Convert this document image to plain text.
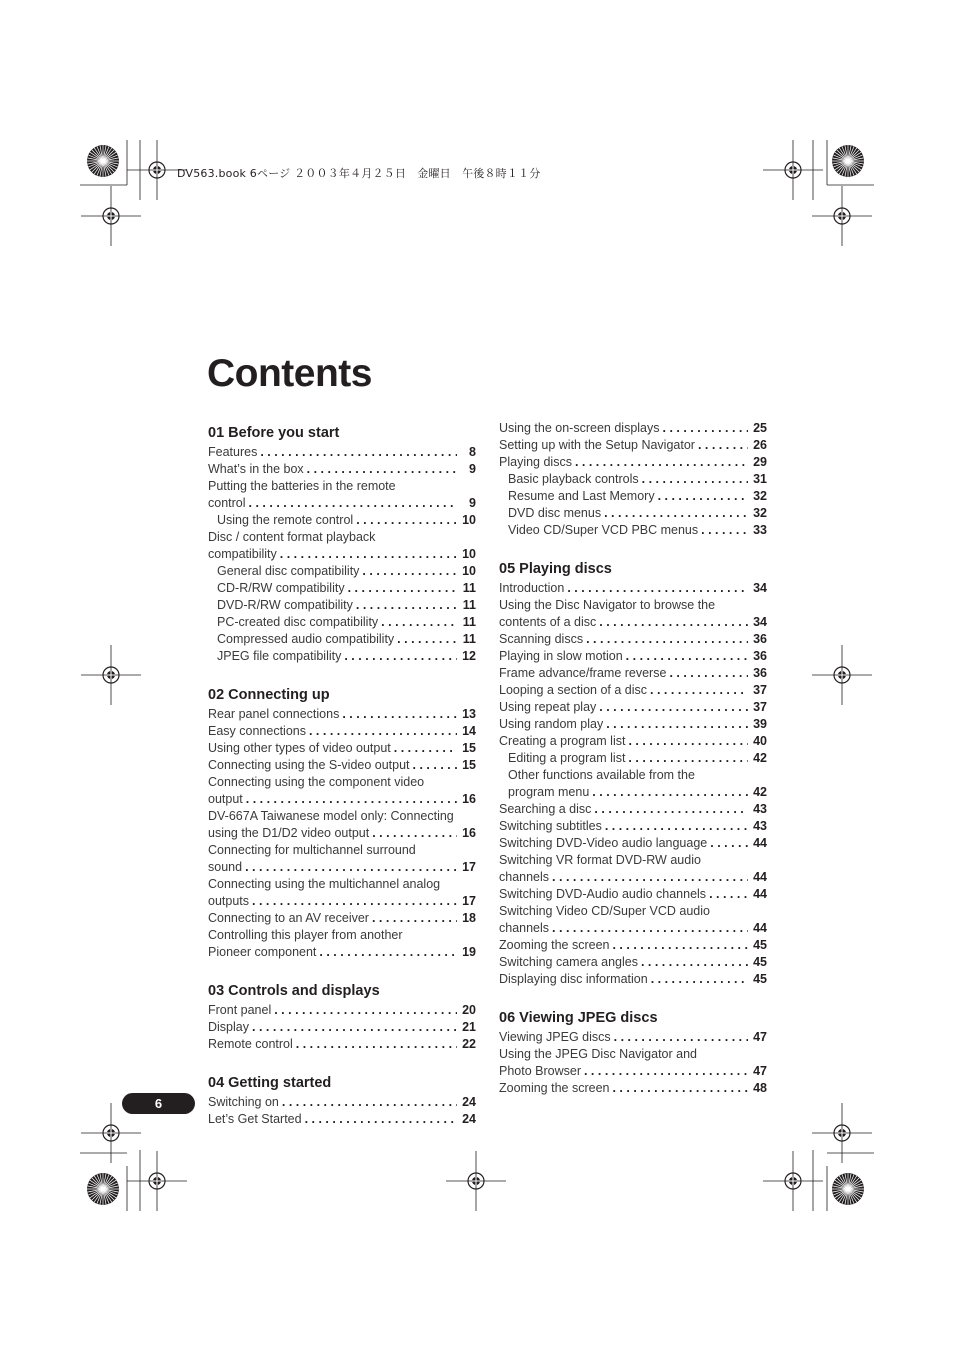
DV563.book 6ページ ２００３年４月２５日　金曜日　午後８時１１分
Contents
01 Before you start
Features . . .	8
What’s in the box . . .	9
Putting the batteries in the remote
control . . .	9
Using the remote control . . .	10
Disc / content format playback
compatibility . . .	10
General disc compatibility . . .	10
CD-R/RW compatibility . . .	11
DVD-R/RW compatibility . . .	11
PC-created disc compatibility . . .	11
Compressed audio compatibility . . .	11
JPEG file compatibility . . .	12
02 Connecting up
Rear panel connections . . .	13
Easy connections . . .	14
Using other types of video output . . .	15
Connecting using the S-video output . . .	15
Connecting using the component video
output . . .	16
DV-667A Taiwanese model only: Connecting
using the D1/D2 video output . . .	16
Connecting for multichannel surround
sound . . .	17
Connecting using the multichannel analog
outputs . . .	17
Connecting to an AV receiver . . .	18
Controlling this player from another
Pioneer component . . .	19
03 Controls and displays
Front panel . . .	20
Display . . .	21
Remote control . . .	22
04 Getting started
Switching on . . .	24
Let’s Get Started . . .	24
Using the on-screen displays . . .	25
Setting up with the Setup Navigator . . .	26
Playing discs . . .	29
Basic playback controls . . .	31
Resume and Last Memory . . .	32
DVD disc menus . . .	32
Video CD/Super VCD PBC menus . . .	33
05 Playing discs
Introduction . . .	34
Using the Disc Navigator to browse the
contents of a disc . . .	34
Scanning discs . . .	36
Playing in slow motion . . .	36
Frame advance/frame reverse . . .	36
Looping a section of a disc . . .	37
Using repeat play . . .	37
Using random play . . .	39
Creating a program list . . .	40
Editing a program list . . .	42
Other functions available from the
program menu . . .	42
Searching a disc . . .	43
Switching subtitles . . .	43
Switching DVD-Video audio language . . .	44
Switching VR format DVD-RW audio
channels . . .	44
Switching DVD-Audio audio channels . . .	44
Switching Video CD/Super VCD audio
channels . . .	44
Zooming the screen . . .	45
Switching camera angles . . .	45
Displaying disc information . . .	45
06 Viewing JPEG discs
Viewing JPEG discs . . .	47
Using the JPEG Disc Navigator and
Photo Browser . . .	47
Zooming the screen . . .	48
6
